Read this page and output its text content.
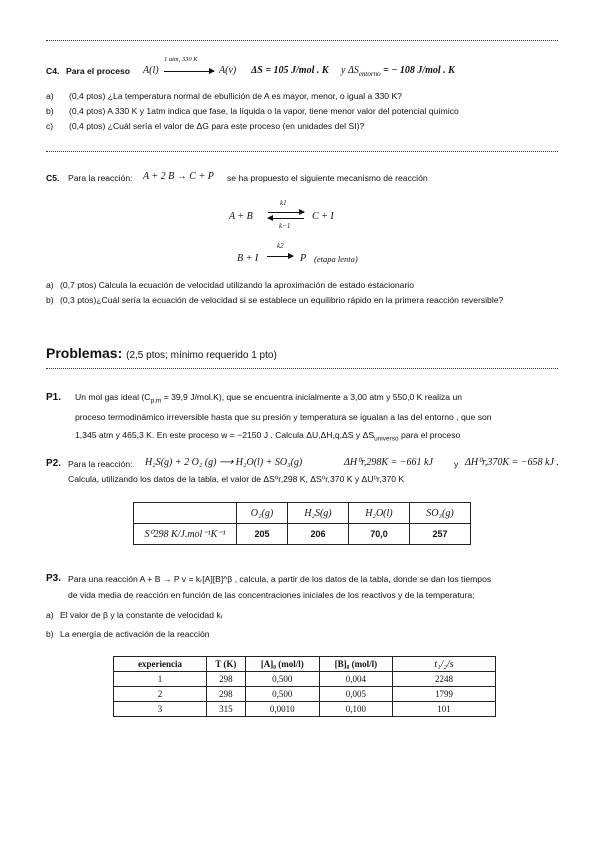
C4. Para el proceso A(l)
1 atm, 330 K
A(v) ΔS = 105 J/mol . K y $\Delta S_{entorno}$ = − 108 J/mol . K
a) (0,4 ptos) ¿La temperatura normal de ebullición de A es mayor, menor, o igual a 330 K?
b) (0,4 ptos) A 330 K y 1atm indica que fase, la líquida o la vapor, tiene menor valor del potencial químico
c) (0,4 ptos) ¿Cuál sería el valor de ΔG para este proceso (en unidades del SI)?
C5. Para la reacción: A + 2 B → C + P se ha propuesto el siguiente mecanismo de reacción
A + B
k1
k−1
C + I
B + I
k2
P (etapa lenta)
a) (0,7 ptos) Calcula la ecuación de velocidad utilizando la aproximación de estado estacionario
b) (0,3 ptos)¿Cuál sería la ecuación de velocidad si se establece un equilibrio rápido en la primera reacción reversible?
Problemas: (2,5 ptos; mínimo requerido 1 pto)
P1. Un mol gas ideal ($C_{p,m} = 39,9$ J/mol.K), que se encuentra inicialmente a 3,00 atm y 550,0 K realiza un
proceso termodinámico irreversible hasta que su presión y temperatura se igualan a las del entorno , que son
1,345 atm y 465,3 K. En este proceso w = −2150 J . Calcula ΔU,ΔH,q,ΔS y $\Delta S_{universo}$ para el proceso
P2. Para la reacción: H₂S(g) + 2 O₂ (g) ⟶ H₂O(l) + SO₃(g)	ΔH⁰r,298K = −661 kJ y ΔH⁰r,370K = −658 kJ .
Calcula, utilizando los datos de la tabla, el valor de ΔS⁰r,298 K, ΔS⁰r,370 K y ΔU⁰r,370 K
	O₂(g)	H₂S(g)	H₂O(l)	SO₃(g)
S⁰298 K/J.mol⁻¹K⁻¹	205	206	70,0	257
P3. Para una reacción A + B → P v = kᵣ[A][B]^β , calcula, a partir de los datos de la tabla, donde se dan los tiempos
de vida media de reacción en función de las concentraciones iniciales de los reactivos y de la temperatura:
a) El valor de β y la constante de velocidad kᵣ
b) La energía de activación de la reacción
experiencia	T (K)	[A]₀ (mol/l)	[B]₀ (mol/l)	t₁/₂/s
1	298	0,500	0,004	2248
2	298	0,500	0,005	1799
3	315	0,0010	0,100	101
